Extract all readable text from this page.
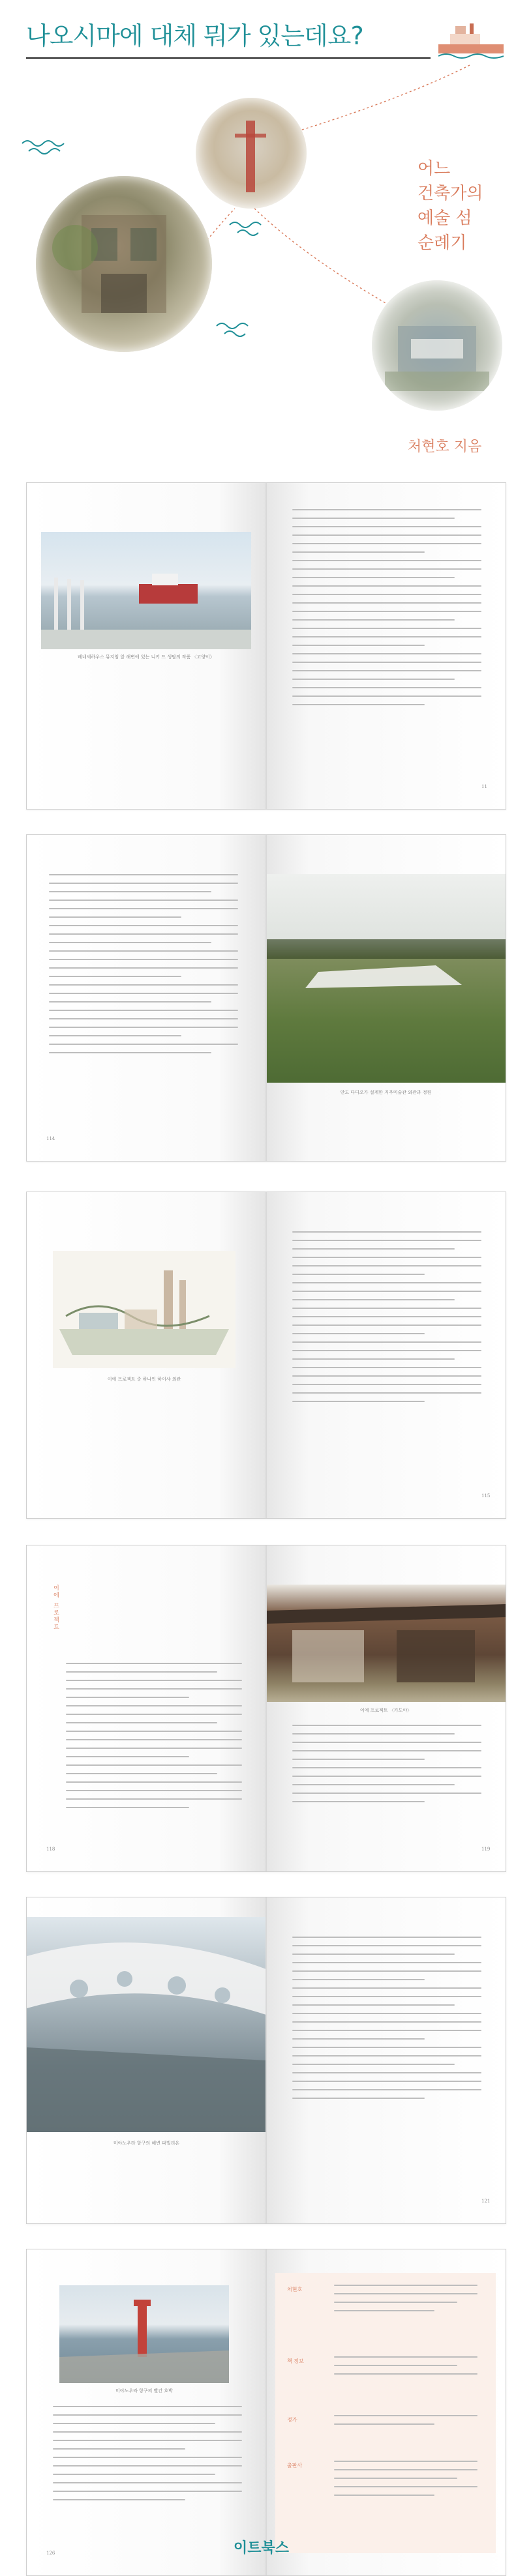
나오시마에 대체 뭐가 있는데요?
어느
건축가의
예술 섬
순례기
처현호 지음
베네세하우스 뮤지엄 앞 해변에 있는 니키 드 생팔의 작품 〈고양이〉
11
114
안도 다다오가 설계한 지추미술관 외관과 정원
이에 프로젝트 중 하나인 하이샤 외관
115
이에 프로젝트
118
이에 프로젝트 〈카도야〉
119
미야노우라 항구의 해변 파빌리온
121
미야노우라 항구의 빨간 호박
126
처현호
책 정보
정가
출판사
이트북스
